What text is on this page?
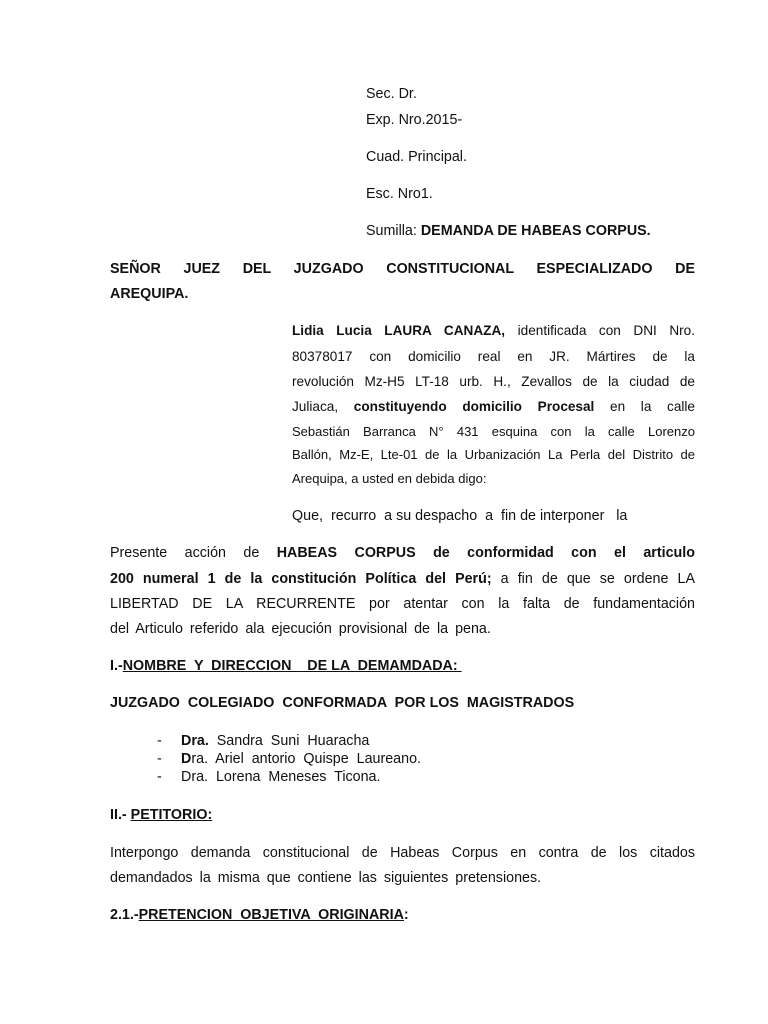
Sec. Dr.
Exp. Nro.2015-
Cuad. Principal.
Esc. Nro1.
Sumilla: DEMANDA DE HABEAS CORPUS.
SEÑOR JUEZ DEL JUZGADO CONSTITUCIONAL ESPECIALIZADO DE
AREQUIPA.
Lidia Lucia LAURA CANAZA, identificada con DNI Nro.
80378017 con domicilio real en JR. Mártires de la
revolución Mz-H5 LT-18 urb. H., Zevallos de la ciudad de
Juliaca, constituyendo domicilio Procesal en la calle
Sebastián Barranca N° 431 esquina con la calle Lorenzo
Ballón, Mz-E, Lte-01 de la Urbanización La Perla del Distrito de
Arequipa, a usted en debida digo:
Que,  recurro  a su despacho  a  fin de interponer   la
Presente acción de HABEAS CORPUS de conformidad con el articulo
200 numeral 1 de la constitución Política del Perú; a fin de que se ordene LA
LIBERTAD DE LA RECURRENTE por atentar con la falta de fundamentación
del Articulo referido ala ejecución provisional de la pena.
I.-NOMBRE  Y  DIRECCION    DE LA  DEMAMDADA:
JUZGADO  COLEGIADO  CONFORMADA  POR LOS  MAGISTRADOS
- Dra.  Sandra  Suni  Huaracha
- Dra.  Ariel  antorio  Quispe  Laureano.
- Dra.  Lorena  Meneses  Ticona.
II.- PETITORIO:
Interpongo demanda constitucional de Habeas Corpus en contra de los citados
demandados la misma que contiene las siguientes pretensiones.
2.1.-PRETENCION  OBJETIVA  ORIGINARIA:
